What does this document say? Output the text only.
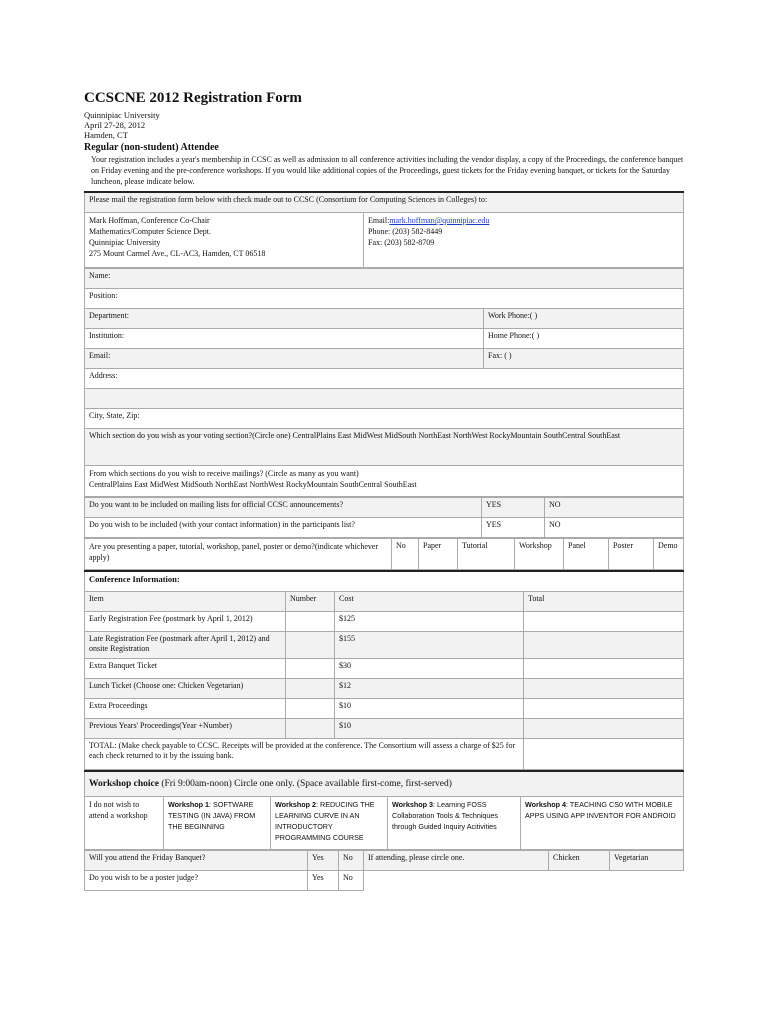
CCSCNE 2012 Registration Form
Quinnipiac University
April 27-28, 2012
Hamden, CT
Regular (non-student) Attendee
Your registration includes a year's membership in CCSC as well as admission to all conference activities including the vendor display, a copy of the Proceedings, the conference banquet on Friday evening and the pre-conference workshops. If you would like additional copies of the Proceedings, guest tickets for the Friday evening banquet, or tickets for the Saturday luncheon, please indicate below.
Please mail the registration form below with check made out to CCSC (Consortium for Computing Sciences in Colleges) to:

Mark Hoffman, Conference Co-Chair
Mathematics/Computer Science Dept.
Quinnipiac University
275 Mount Carmel Ave., CL-AC3, Hamden, CT 06518

Email:mark.hoffman@quinnipiac.edu
Phone: (203) 582-8449
Fax: (203) 582-8709
Name:	
Position:	
Department:	Work Phone:( )
Institution:	Home Phone:( )
Email:	Fax: ( )
Address:	

City, State, Zip:	
Which section do you wish as your voting section?(Circle one) CentralPlains East MidWest MidSouth NorthEast NorthWest RockyMountain SouthCentral SouthEast	

From which sections do you wish to receive mailings? (Circle as many as you want)
CentralPlains East MidWest MidSouth NorthEast NorthWest RockyMountain SouthCentral SouthEast	
Do you want to be included on mailing lists for official CCSC announcements?	YES	NO
Do you wish to be included (with your contact information) in the participants list?	YES	NO
Are you presenting a paper, tutorial, workshop, panel, poster or demo?(indicate whichever apply)	No	Paper	Tutorial	Workshop	Panel	Poster	Demo
Conference Information:			
Item	Number	Cost	Total
Early Registration Fee (postmark by April 1, 2012)		$125	
Late Registration Fee (postmark after April 1, 2012) and onsite Registration		$155	
Extra Banquet Ticket		$30	
Lunch Ticket (Choose one: Chicken Vegetarian)		$12	
Extra Proceedings		$10	
Previous Years' Proceedings(Year +Number)		$10	
TOTAL: (Make check payable to CCSC. Receipts will be provided at the conference. The Consortium will assess a charge of $25 for each check returned to it by the issuing bank.			
Workshop choice (Fri 9:00am-noon) Circle one only. (Space available first-come, first-served)
I do not wish to attend a workshop	Workshop 1: SOFTWARE TESTING (IN JAVA) FROM THE BEGINNING	Workshop 2: REDUCING THE LEARNING CURVE IN AN INTRODUCTORY PROGRAMMING COURSE	Workshop 3: Learning FOSS Collaboration Tools & Techniques through Guided Inquiry Acitivities	Workshop 4: TEACHING CS0 WITH MOBILE APPS USING APP INVENTOR FOR ANDROID
Will you attend the Friday Banquet?	Yes	No	If attending, please circle one.	Chicken	Vegetarian
Do you wish to be a poster judge?	Yes	No			
